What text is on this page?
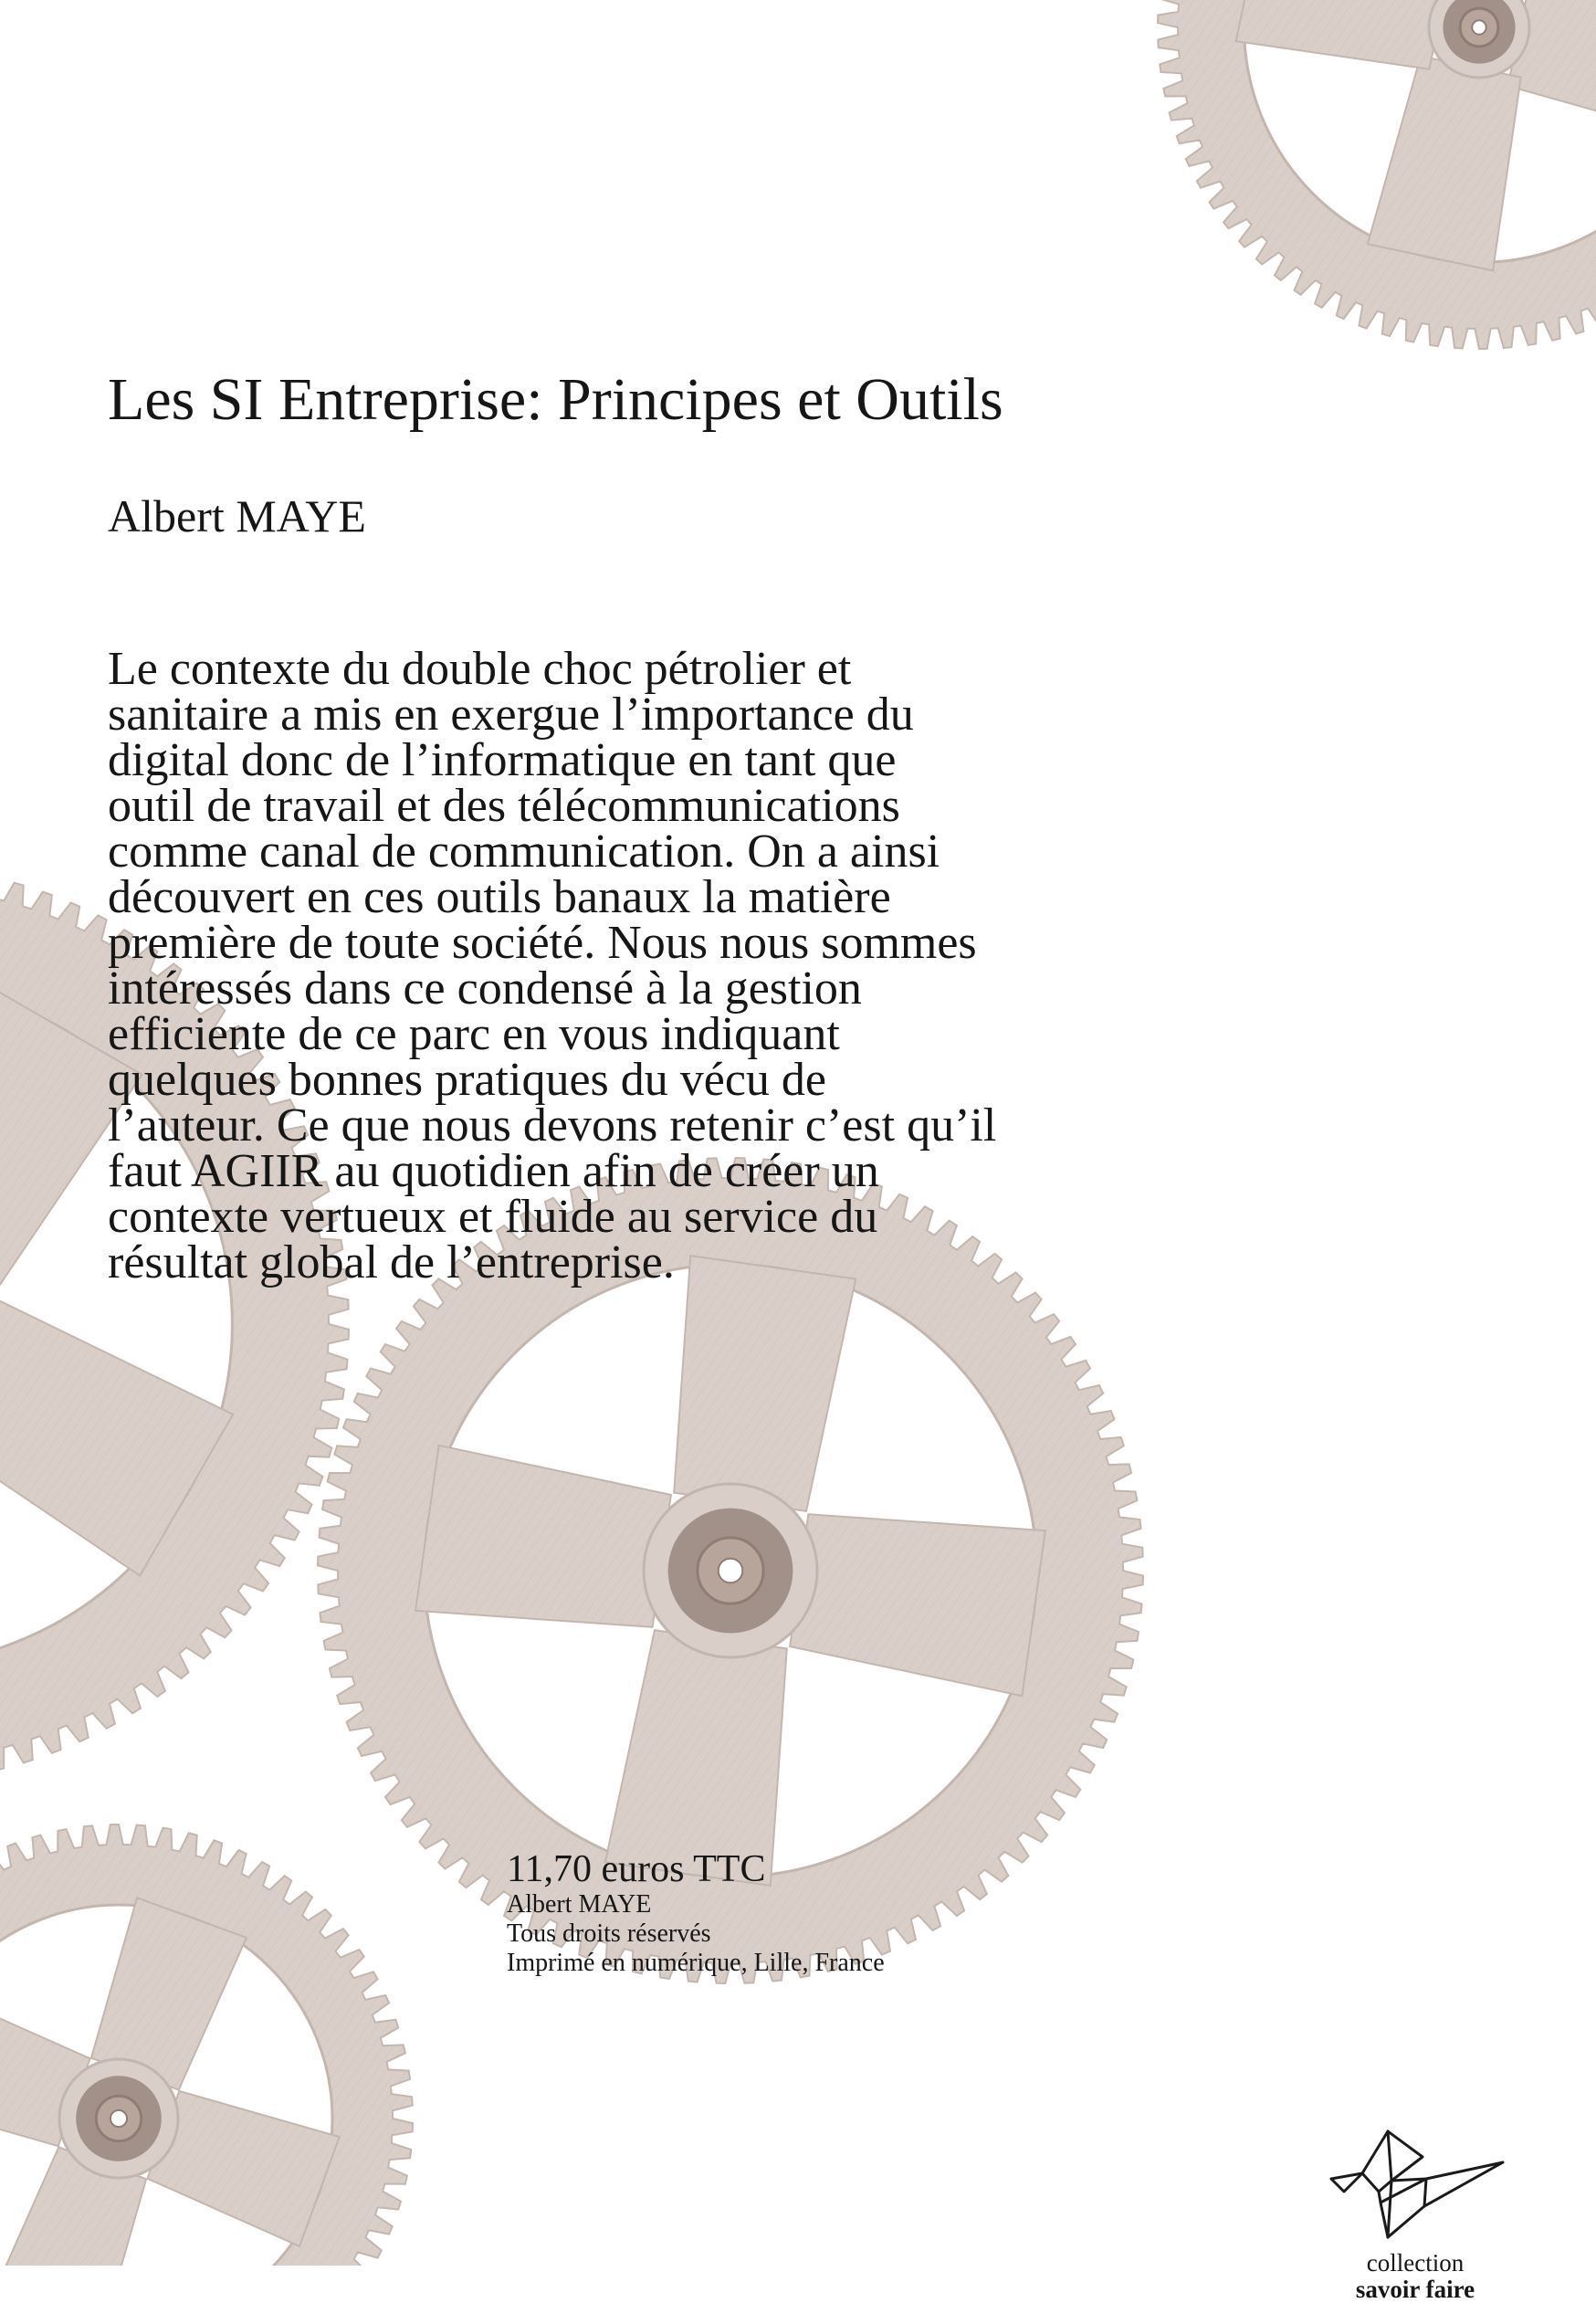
Les SI Entreprise: Principes et Outils
Albert MAYE
Le contexte du double choc pétrolier et
sanitaire a mis en exergue l’importance du
digital donc de l’informatique en tant que
outil de travail et des télécommunications
comme canal de communication. On a ainsi
découvert en ces outils banaux la matière
première de toute société. Nous nous sommes
intéressés dans ce condensé à la gestion
efficiente de ce parc en vous indiquant
quelques bonnes pratiques du vécu de
l’auteur. Ce que nous devons retenir c’est qu’il
faut AGIIR au quotidien afin de créer un
contexte vertueux et fluide au service du
résultat global de l’entreprise.
11,70 euros TTC
Albert MAYE
Tous droits réservés
Imprimé en numérique, Lille, France
collection
savoir faire
